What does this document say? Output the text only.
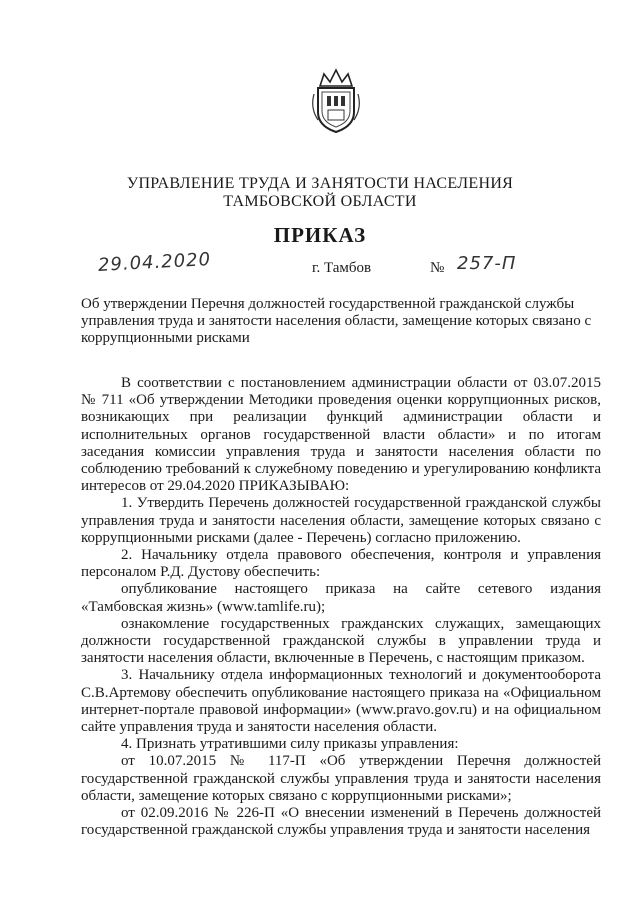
УПРАВЛЕНИЕ ТРУДА И ЗАНЯТОСТИ НАСЕЛЕНИЯ
ТАМБОВСКОЙ ОБЛАСТИ
ПРИКАЗ
29.04.2020	г. Тамбов	№ 257-П
Об утверждении Перечня должностей государственной гражданской службы управления труда и занятости населения области, замещение которых связано с коррупционными рисками

В соответствии с постановлением администрации области от 03.07.2015 № 711 «Об утверждении Методики проведения оценки коррупционных рисков, возникающих при реализации функций администрации области и исполнительных органов государственной власти области» и по итогам заседания комиссии управления труда и занятости населения области по соблюдению требований к служебному поведению и урегулированию конфликта интересов от 29.04.2020 ПРИКАЗЫВАЮ:

1. Утвердить Перечень должностей государственной гражданской службы управления труда и занятости населения области, замещение которых связано с коррупционными рисками (далее - Перечень) согласно приложению.

2. Начальнику отдела правового обеспечения, контроля и управления персоналом Р.Д. Дустову обеспечить:

опубликование настоящего приказа на сайте сетевого издания «Тамбовская жизнь» (www.tamlife.ru);

ознакомление государственных гражданских служащих, замещающих должности государственной гражданской службы в управлении труда и занятости населения области, включенные в Перечень, с настоящим приказом.

3. Начальнику отдела информационных технологий и документооборота С.В.Артемову обеспечить опубликование настоящего приказа на «Официальном интернет-портале правовой информации» (www.pravo.gov.ru) и на официальном сайте управления труда и занятости населения области.

4. Признать утратившими силу приказы управления:

от 10.07.2015 № 117-П «Об утверждении Перечня должностей государственной гражданской службы управления труда и занятости населения области, замещение которых связано с коррупционными рисками»;

от 02.09.2016 № 226-П «О внесении изменений в Перечень должностей государственной гражданской службы управления труда и занятости населения
